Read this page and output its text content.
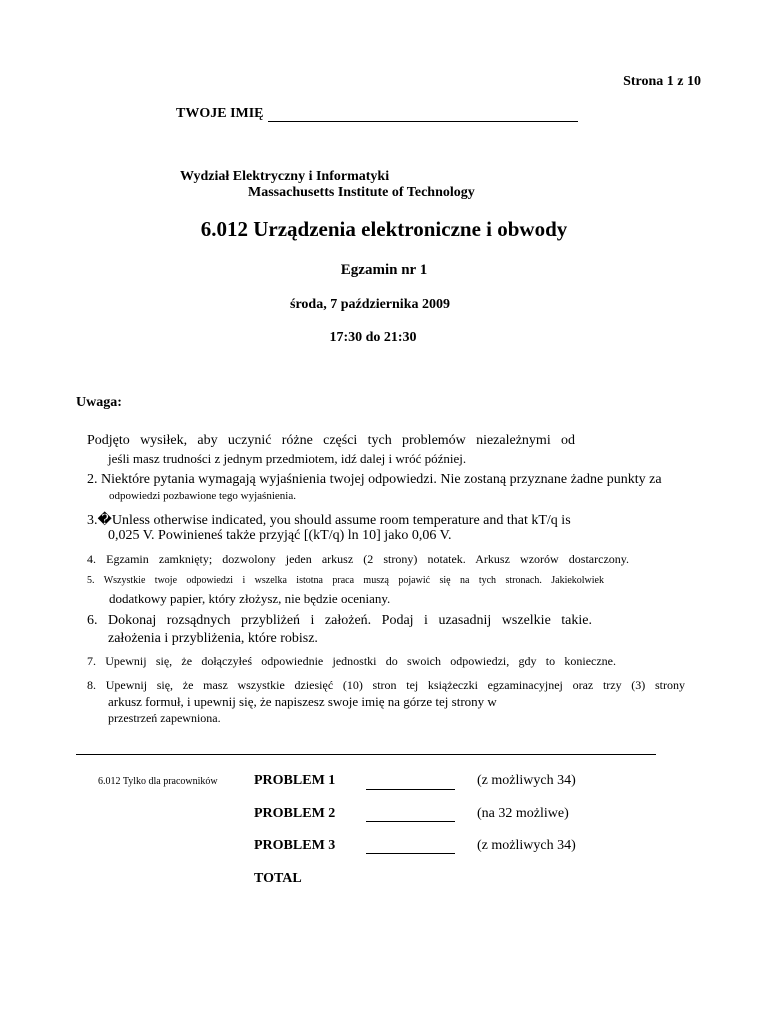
Strona 1 z 10
TWOJE IMIĘ
Wydział Elektryczny i Informatyki
Massachusetts Institute of Technology
6.012 Urządzenia elektroniczne i obwody
Egzamin nr 1
środa, 7 października 2009
17:30 do 21:30
Uwaga:
Podjęto wysiłek, aby uczynić różne części tych problemów niezależnymi od
jeśli masz trudności z jednym przedmiotem, idź dalej i wróć później.
2. Niektóre pytania wymagają wyjaśnienia twojej odpowiedzi. Nie zostaną przyznane żadne punkty za
odpowiedzi pozbawione tego wyjaśnienia.
3.�Unless otherwise indicated, you should assume room temperature and that kT/q is
0,025 V. Powinieneś także przyjąć [(kT/q) ln 10] jako 0,06 V.
4. Egzamin zamknięty; dozwolony jeden arkusz (2 strony) notatek. Arkusz wzorów dostarczony.
5. Wszystkie twoje odpowiedzi i wszelka istotna praca muszą pojawić się na tych stronach. Jakiekolwiek
dodatkowy papier, który złożysz, nie będzie oceniany.
6. Dokonaj rozsądnych przybliżeń i założeń. Podaj i uzasadnij wszelkie takie.
założenia i przybliżenia, które robisz.
7. Upewnij się, że dołączyłeś odpowiednie jednostki do swoich odpowiedzi, gdy to konieczne.
8. Upewnij się, że masz wszystkie dziesięć (10) stron tej książeczki egzaminacyjnej oraz trzy (3) strony
arkusz formuł, i upewnij się, że napiszesz swoje imię na górze tej strony w
przestrzeń zapewniona.
6.012 Tylko dla pracowników	PROBLEM 1	(z możliwych 34)
PROBLEM 2	(na 32 możliwe)
PROBLEM 3	(z możliwych 34)
TOTAL
